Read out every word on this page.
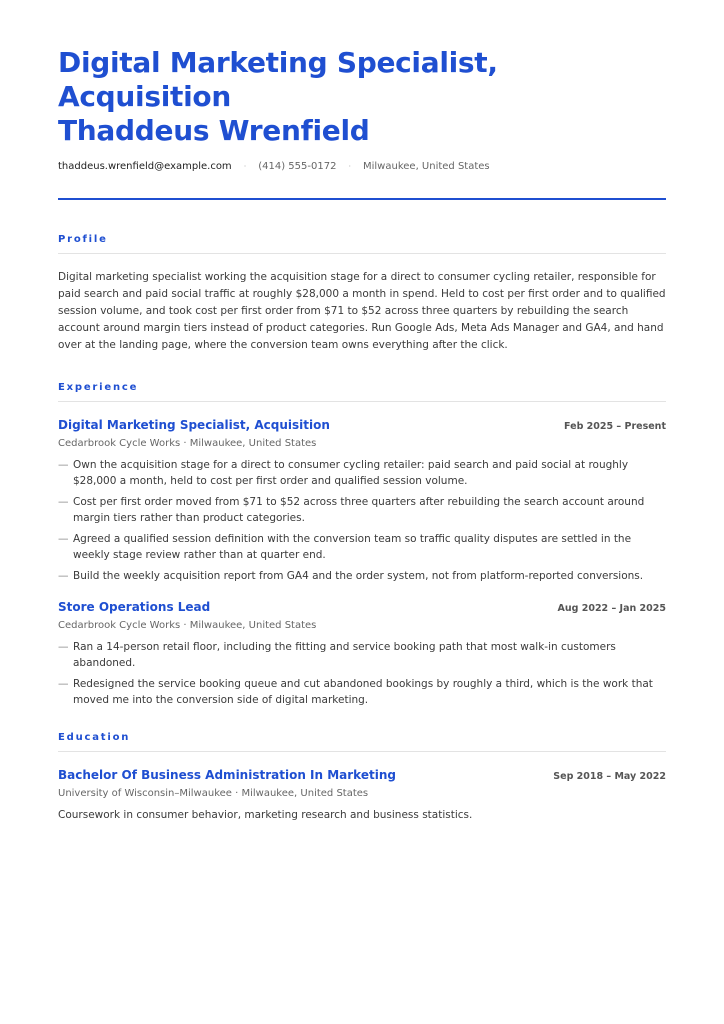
Digital Marketing Specialist, Acquisition
Thaddeus Wrenfield
thaddeus.wrenfield@example.com · (414) 555-0172 · Milwaukee, United States
Profile
Digital marketing specialist working the acquisition stage for a direct to consumer cycling retailer, responsible for paid search and paid social traffic at roughly $28,000 a month in spend. Held to cost per first order and to qualified session volume, and took cost per first order from $71 to $52 across three quarters by rebuilding the search account around margin tiers instead of product categories. Run Google Ads, Meta Ads Manager and GA4, and hand over at the landing page, where the conversion team owns everything after the click.
Experience
Digital Marketing Specialist, Acquisition	Feb 2025 – Present
Cedarbrook Cycle Works · Milwaukee, United States
— Own the acquisition stage for a direct to consumer cycling retailer: paid search and paid social at roughly $28,000 a month, held to cost per first order and qualified session volume.
— Cost per first order moved from $71 to $52 across three quarters after rebuilding the search account around margin tiers rather than product categories.
— Agreed a qualified session definition with the conversion team so traffic quality disputes are settled in the weekly stage review rather than at quarter end.
— Build the weekly acquisition report from GA4 and the order system, not from platform-reported conversions.
Store Operations Lead	Aug 2022 – Jan 2025
Cedarbrook Cycle Works · Milwaukee, United States
— Ran a 14-person retail floor, including the fitting and service booking path that most walk-in customers abandoned.
— Redesigned the service booking queue and cut abandoned bookings by roughly a third, which is the work that moved me into the conversion side of digital marketing.
Education
Bachelor Of Business Administration In Marketing	Sep 2018 – May 2022
University of Wisconsin–Milwaukee · Milwaukee, United States
Coursework in consumer behavior, marketing research and business statistics.
